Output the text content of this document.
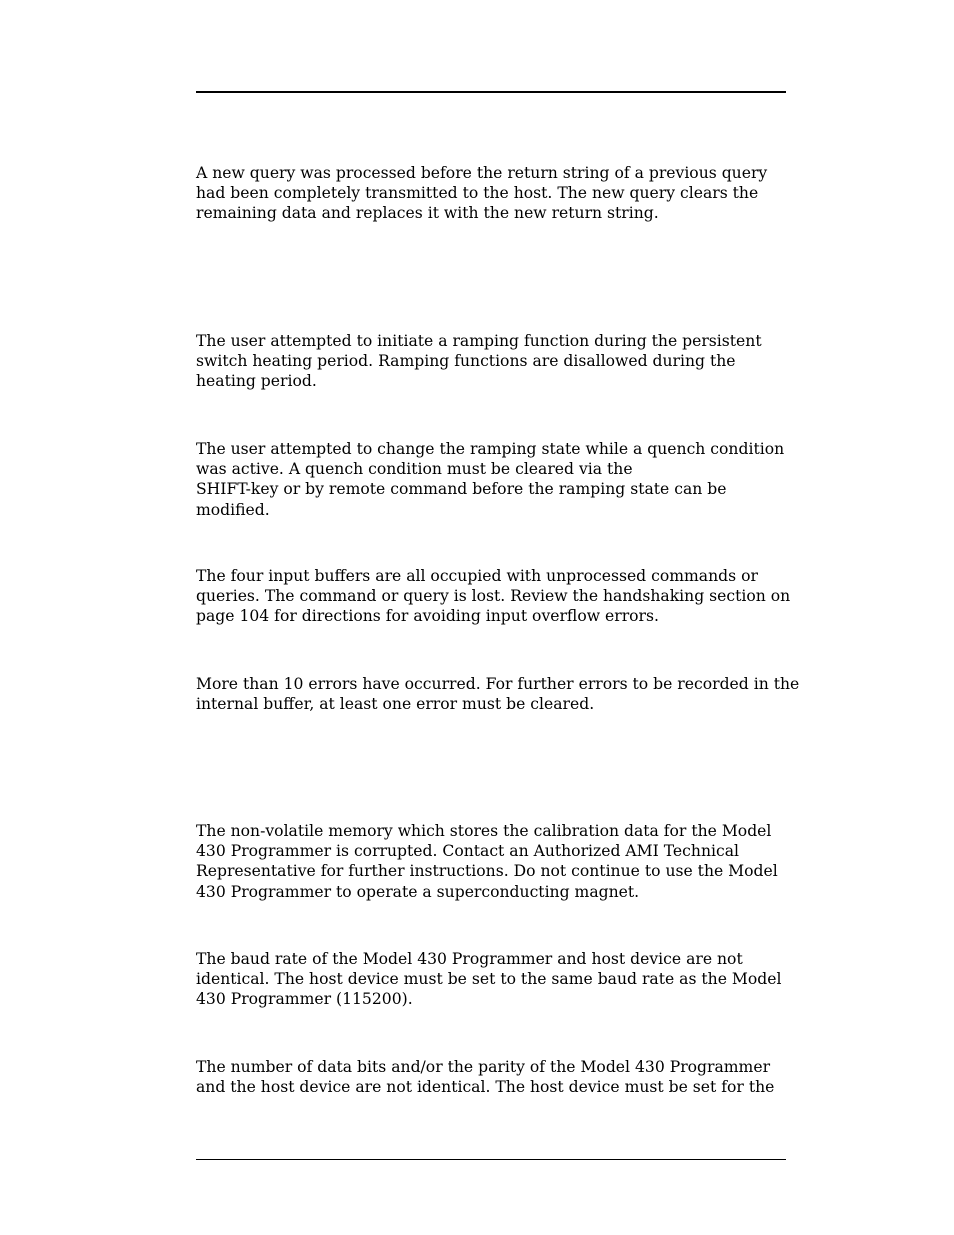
A new query was processed before the return string of a previous query
had been completely transmitted to the host. The new query clears the
remaining data and replaces it with the new return string.

The user attempted to initiate a ramping function during the persistent
switch heating period. Ramping functions are disallowed during the
heating period.

The user attempted to change the ramping state while a quench condition
was active. A quench condition must be cleared via the
SHIFT-key or by remote command before the ramping state can be
modified.

The four input buffers are all occupied with unprocessed commands or
queries. The command or query is lost. Review the handshaking section on
page 104 for directions for avoiding input overflow errors.

More than 10 errors have occurred. For further errors to be recorded in the
internal buffer, at least one error must be cleared.

The non-volatile memory which stores the calibration data for the Model
430 Programmer is corrupted. Contact an Authorized AMI Technical
Representative for further instructions. Do not continue to use the Model
430 Programmer to operate a superconducting magnet.

The baud rate of the Model 430 Programmer and host device are not
identical. The host device must be set to the same baud rate as the Model
430 Programmer (115200).

The number of data bits and/or the parity of the Model 430 Programmer
and the host device are not identical. The host device must be set for the
